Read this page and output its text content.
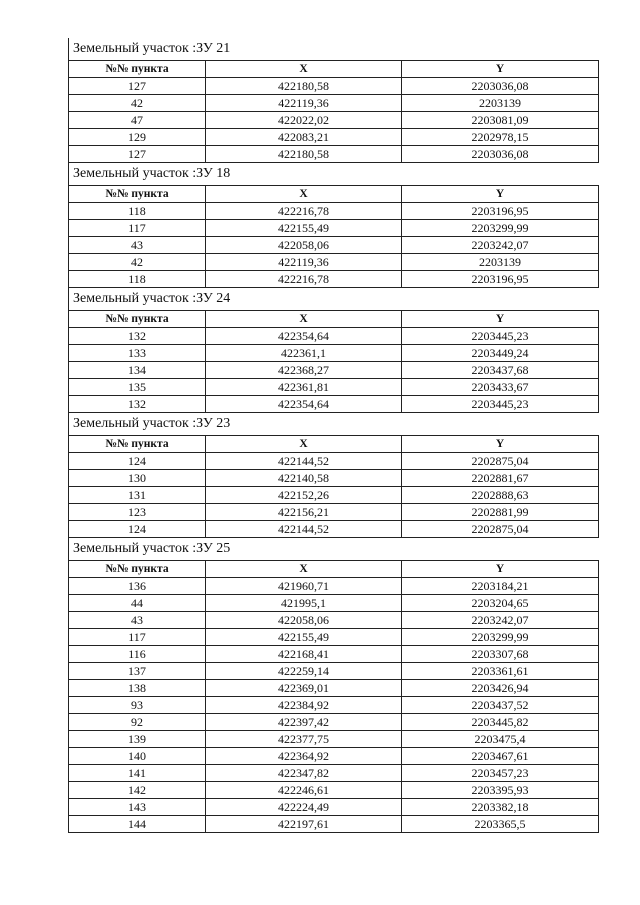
Земельный участок :ЗУ 21
№№ пункта	X	Y
127	422180,58	2203036,08
42	422119,36	2203139
47	422022,02	2203081,09
129	422083,21	2202978,15
127	422180,58	2203036,08
Земельный участок :ЗУ 18
№№ пункта	X	Y
118	422216,78	2203196,95
117	422155,49	2203299,99
43	422058,06	2203242,07
42	422119,36	2203139
118	422216,78	2203196,95
Земельный участок :ЗУ 24
№№ пункта	X	Y
132	422354,64	2203445,23
133	422361,1	2203449,24
134	422368,27	2203437,68
135	422361,81	2203433,67
132	422354,64	2203445,23
Земельный участок :ЗУ 23
№№ пункта	X	Y
124	422144,52	2202875,04
130	422140,58	2202881,67
131	422152,26	2202888,63
123	422156,21	2202881,99
124	422144,52	2202875,04
Земельный участок :ЗУ 25
№№ пункта	X	Y
136	421960,71	2203184,21
44	421995,1	2203204,65
43	422058,06	2203242,07
117	422155,49	2203299,99
116	422168,41	2203307,68
137	422259,14	2203361,61
138	422369,01	2203426,94
93	422384,92	2203437,52
92	422397,42	2203445,82
139	422377,75	2203475,4
140	422364,92	2203467,61
141	422347,82	2203457,23
142	422246,61	2203395,93
143	422224,49	2203382,18
144	422197,61	2203365,5
